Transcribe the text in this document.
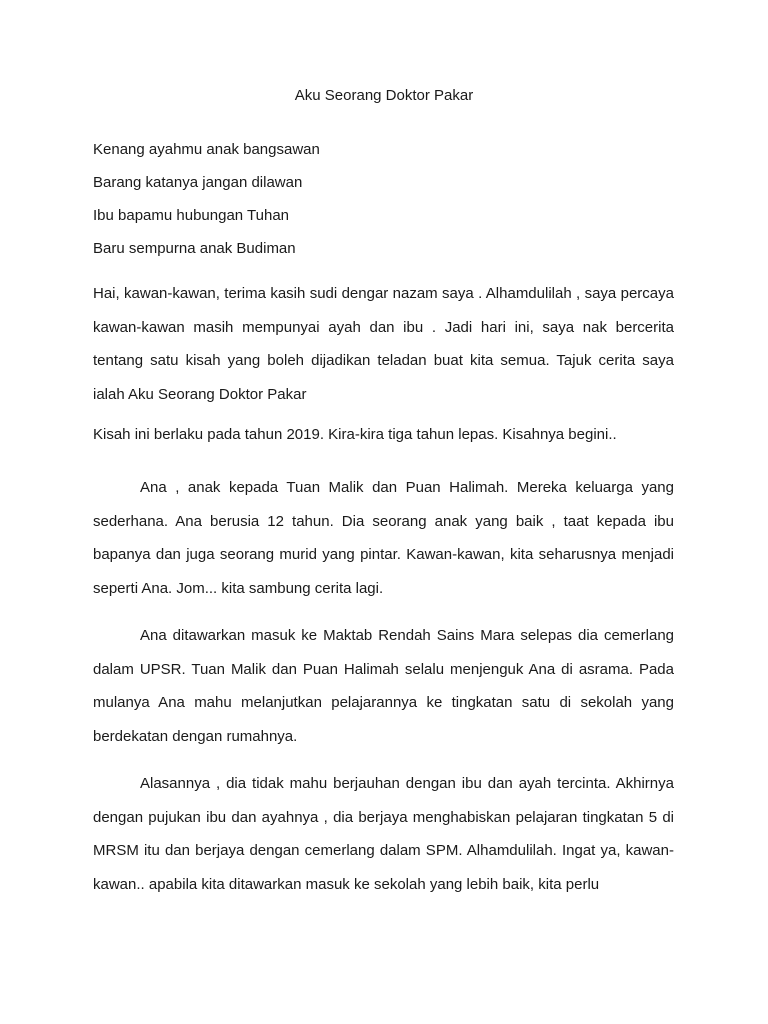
Aku Seorang Doktor Pakar

Kenang ayahmu anak bangsawan

Barang katanya jangan dilawan

Ibu bapamu hubungan Tuhan

Baru sempurna anak Budiman

Hai, kawan-kawan, terima kasih sudi dengar nazam saya . Alhamdulilah , saya percaya kawan-kawan masih mempunyai ayah dan ibu . Jadi hari ini, saya nak bercerita tentang satu kisah yang boleh dijadikan teladan buat kita semua. Tajuk cerita saya ialah Aku Seorang Doktor Pakar

Kisah ini berlaku pada tahun 2019. Kira-kira tiga tahun lepas. Kisahnya begini..

Ana , anak kepada Tuan Malik dan Puan Halimah. Mereka keluarga yang sederhana. Ana berusia 12 tahun. Dia seorang anak yang baik , taat kepada ibu bapanya dan juga seorang murid yang pintar. Kawan-kawan, kita seharusnya menjadi seperti Ana. Jom... kita sambung cerita lagi.

Ana ditawarkan masuk ke Maktab Rendah Sains Mara selepas dia cemerlang dalam UPSR. Tuan Malik dan Puan Halimah selalu menjenguk Ana di asrama. Pada mulanya Ana mahu melanjutkan pelajarannya ke tingkatan satu di sekolah yang berdekatan dengan rumahnya.

Alasannya , dia tidak mahu berjauhan dengan ibu dan ayah tercinta. Akhirnya dengan pujukan ibu dan ayahnya , dia berjaya menghabiskan pelajaran tingkatan 5 di MRSM itu dan berjaya dengan cemerlang dalam SPM. Alhamdulilah. Ingat ya, kawan-kawan.. apabila kita ditawarkan masuk ke sekolah yang lebih baik, kita perlu
